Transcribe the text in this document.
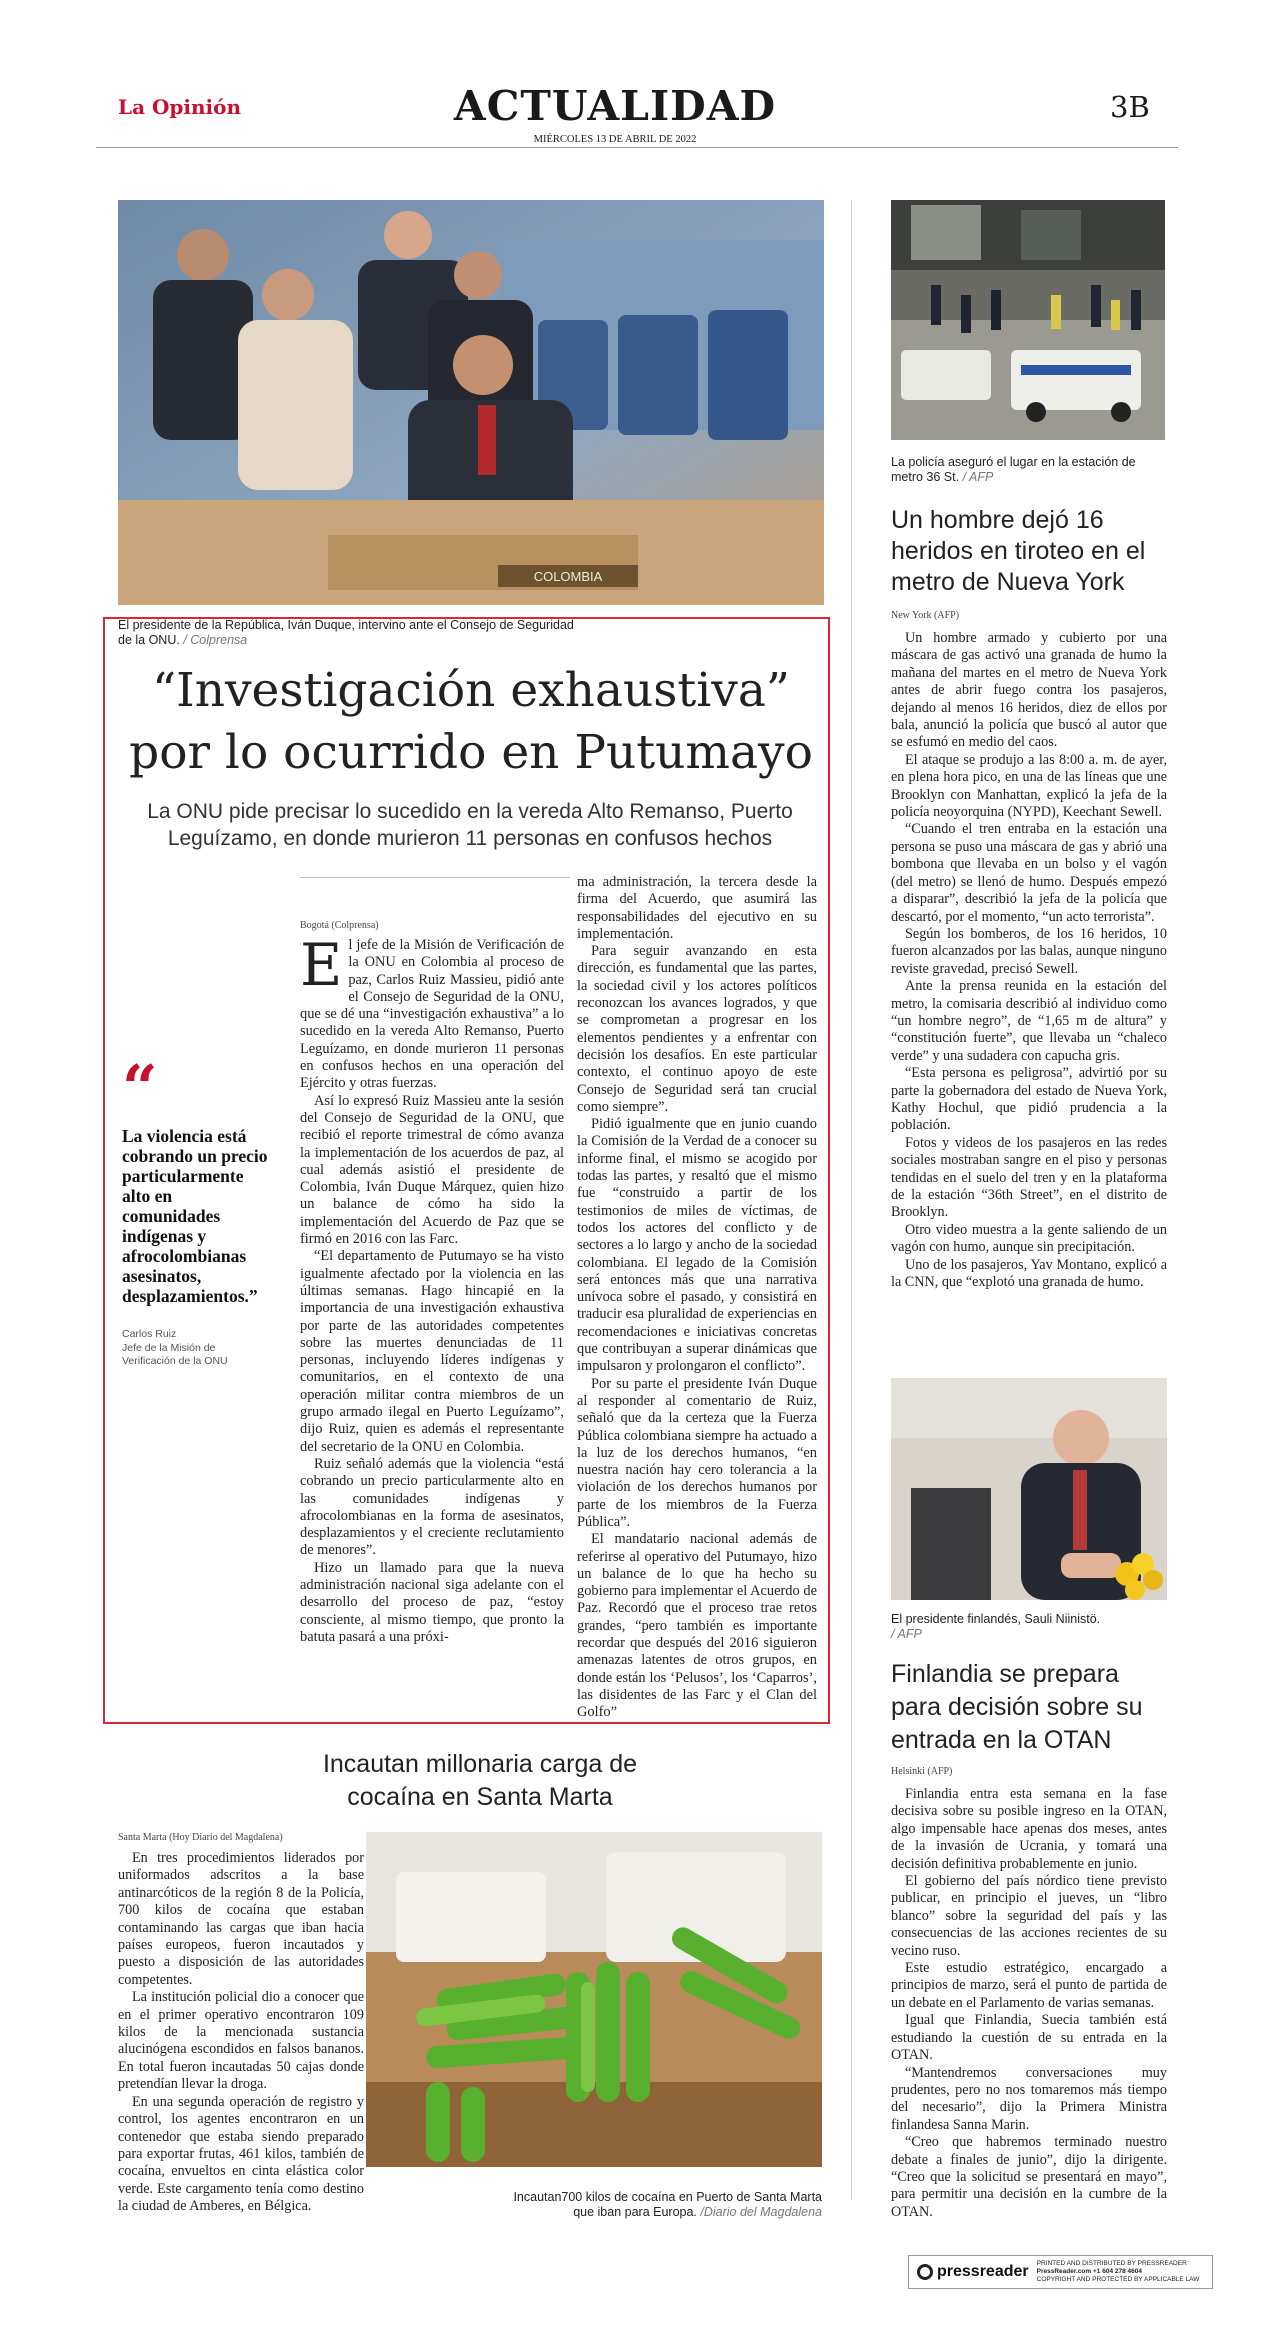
La Opinión	ACTUALIDAD
MIÉRCOLES 13 DE ABRIL DE 2022
3B
COLOMBIA
El presidente de la República, Iván Duque, intervino ante el Consejo de Seguridad de la ONU. / Colprensa
“Investigación exhaustiva”
por lo ocurrido en Putumayo
La ONU pide precisar lo sucedido en la vereda Alto Remanso, Puerto Leguízamo, en donde murieron 11 personas en confusos hechos
“
La violencia está cobrando un precio particularmente alto en comunidades indígenas y afrocolombianas asesinatos, desplazamientos.”
Carlos Ruiz
Jefe de la Misión de Verificación de la ONU
Bogotá (Colprensa)
E l jefe de la Misión de Verificación de la ONU en Colombia al proceso de paz, Carlos Ruiz Massieu, pidió ante el Consejo de Seguridad de la ONU, que se dé una “investigación exhaustiva” a lo sucedido en la vereda Alto Remanso, Puerto Leguízamo, en donde murieron 11 personas en confusos hechos en una operación del Ejército y otras fuerzas.

Así lo expresó Ruiz Massieu ante la sesión del Consejo de Seguridad de la ONU, que recibió el reporte trimestral de cómo avanza la implementación de los acuerdos de paz, al cual además asistió el presidente de Colombia, Iván Duque Márquez, quien hizo un balance de cómo ha sido la implementación del Acuerdo de Paz que se firmó en 2016 con las Farc.

“El departamento de Putumayo se ha visto igualmente afectado por la violencia en las últimas semanas. Hago hincapié en la importancia de una investigación exhaustiva por parte de las autoridades competentes sobre las muertes denunciadas de 11 personas, incluyendo líderes indígenas y comunitarios, en el contexto de una operación militar contra miembros de un grupo armado ilegal en Puerto Leguízamo”, dijo Ruiz, quien es además el representante del secretario de la ONU en Colombia.

Ruiz señaló además que la violencia “está cobrando un precio particularmente alto en las comunidades indígenas y afrocolombianas en la forma de asesinatos, desplazamientos y el creciente reclutamiento de menores”.

Hizo un llamado para que la nueva administración nacional siga adelante con el desarrollo del proceso de paz, “estoy consciente, al mismo tiempo, que pronto la batuta pasará a una próxi-

ma administración, la tercera desde la firma del Acuerdo, que asumirá las responsabilidades del ejecutivo en su implementación.

Para seguir avanzando en esta dirección, es fundamental que las partes, la sociedad civil y los actores políticos reconozcan los avances logrados, y que se comprometan a progresar en los elementos pendientes y a enfrentar con decisión los desafíos. En este particular contexto, el continuo apoyo de este Consejo de Seguridad será tan crucial como siempre”.

Pidió igualmente que en junio cuando la Comisión de la Verdad de a conocer su informe final, el mismo se acogido por todas las partes, y resaltó que el mismo fue “construido a partir de los testimonios de miles de víctimas, de todos los actores del conflicto y de sectores a lo largo y ancho de la sociedad colombiana. El legado de la Comisión será entonces más que una narrativa unívoca sobre el pasado, y consistirá en traducir esa pluralidad de experiencias en recomendaciones e iniciativas concretas que contribuyan a superar dinámicas que impulsaron y prolongaron el conflicto”.

Por su parte el presidente Iván Duque al responder al comentario de Ruiz, señaló que da la certeza que la Fuerza Pública colombiana siempre ha actuado a la luz de los derechos humanos, “en nuestra nación hay cero tolerancia a la violación de los derechos humanos por parte de los miembros de la Fuerza Pública”.

El mandatario nacional además de referirse al operativo del Putumayo, hizo un balance de lo que ha hecho su gobierno para implementar el Acuerdo de Paz. Recordó que el proceso trae retos grandes, “pero también es importante recordar que después del 2016 siguieron amenazas latentes de otros grupos, en donde están los ‘Pelusos’, los ‘Caparros’, las disidentes de las Farc y el Clan del Golfo”

La policía aseguró el lugar en la estación de metro 36 St. / AFP
Un hombre dejó 16 heridos en tiroteo en el metro de Nueva York
New York (AFP)

Un hombre armado y cubierto por una máscara de gas activó una granada de humo la mañana del martes en el metro de Nueva York antes de abrir fuego contra los pasajeros, dejando al menos 16 heridos, diez de ellos por bala, anunció la policía que buscó al autor que se esfumó en medio del caos.

El ataque se produjo a las 8:00 a. m. de ayer, en plena hora pico, en una de las líneas que une Brooklyn con Manhattan, explicó la jefa de la policía neoyorquina (NYPD), Keechant Sewell.

“Cuando el tren entraba en la estación una persona se puso una máscara de gas y abrió una bombona que llevaba en un bolso y el vagón (del metro) se llenó de humo. Después empezó a disparar”, describió la jefa de la policía que descartó, por el momento, “un acto terrorista”.

Según los bomberos, de los 16 heridos, 10 fueron alcanzados por las balas, aunque ninguno reviste gravedad, precisó Sewell.

Ante la prensa reunida en la estación del metro, la comisaria describió al individuo como “un hombre negro”, de “1,65 m de altura” y “constitución fuerte”, que llevaba un “chaleco verde” y una sudadera con capucha gris.

“Esta persona es peligrosa”, advirtió por su parte la gobernadora del estado de Nueva York, Kathy Hochul, que pidió prudencia a la población.

Fotos y videos de los pasajeros en las redes sociales mostraban sangre en el piso y personas tendidas en el suelo del tren y en la plataforma de la estación “36th Street”, en el distrito de Brooklyn.

Otro video muestra a la gente saliendo de un vagón con humo, aunque sin precipitación.

Uno de los pasajeros, Yav Montano, explicó a la CNN, que “explotó una granada de humo.

El presidente finlandés, Sauli Niinistö.
/ AFP
Finlandia se prepara para decisión sobre su entrada en la OTAN
Helsinki (AFP)

Finlandia entra esta semana en la fase decisiva sobre su posible ingreso en la OTAN, algo impensable hace apenas dos meses, antes de la invasión de Ucrania, y tomará una decisión definitiva probablemente en junio.

El gobierno del país nórdico tiene previsto publicar, en principio el jueves, un “libro blanco” sobre la seguridad del país y las consecuencias de las acciones recientes de su vecino ruso.

Este estudio estratégico, encargado a principios de marzo, será el punto de partida de un debate en el Parlamento de varias semanas.

Igual que Finlandia, Suecia también está estudiando la cuestión de su entrada en la OTAN.

“Mantendremos conversaciones muy prudentes, pero no nos tomaremos más tiempo del necesario”, dijo la Primera Ministra finlandesa Sanna Marin.

“Creo que habremos terminado nuestro debate a finales de junio”, dijo la dirigente. “Creo que la solicitud se presentará en mayo”, para permitir una decisión en la cumbre de la OTAN.

Incautan millonaria carga de cocaína en Santa Marta
Santa Marta (Hoy Diario del Magdalena)

En tres procedimientos liderados por uniformados adscritos a la base antinarcóticos de la región 8 de la Policía, 700 kilos de cocaína que estaban contaminando las cargas que iban hacia países europeos, fueron incautados y puesto a disposición de las autoridades competentes.

La institución policial dio a conocer que en el primer operativo encontraron 109 kilos de la mencionada sustancia alucinógena escondidos en falsos bananos. En total fueron incautadas 50 cajas donde pretendían llevar la droga.

En una segunda operación de registro y control, los agentes encontraron en un contenedor que estaba siendo preparado para exportar frutas, 461 kilos, también de cocaína, envueltos en cinta elástica color verde. Este cargamento tenía como destino la ciudad de Amberes, en Bélgica.

Incautan700 kilos de cocaína en Puerto de Santa Marta que iban para Europa. /Diario del Magdalena
pressreader PRINTED AND DISTRIBUTED BY PRESSREADER
PressReader.com +1 604 278 4604
COPYRIGHT AND PROTECTED BY APPLICABLE LAW
